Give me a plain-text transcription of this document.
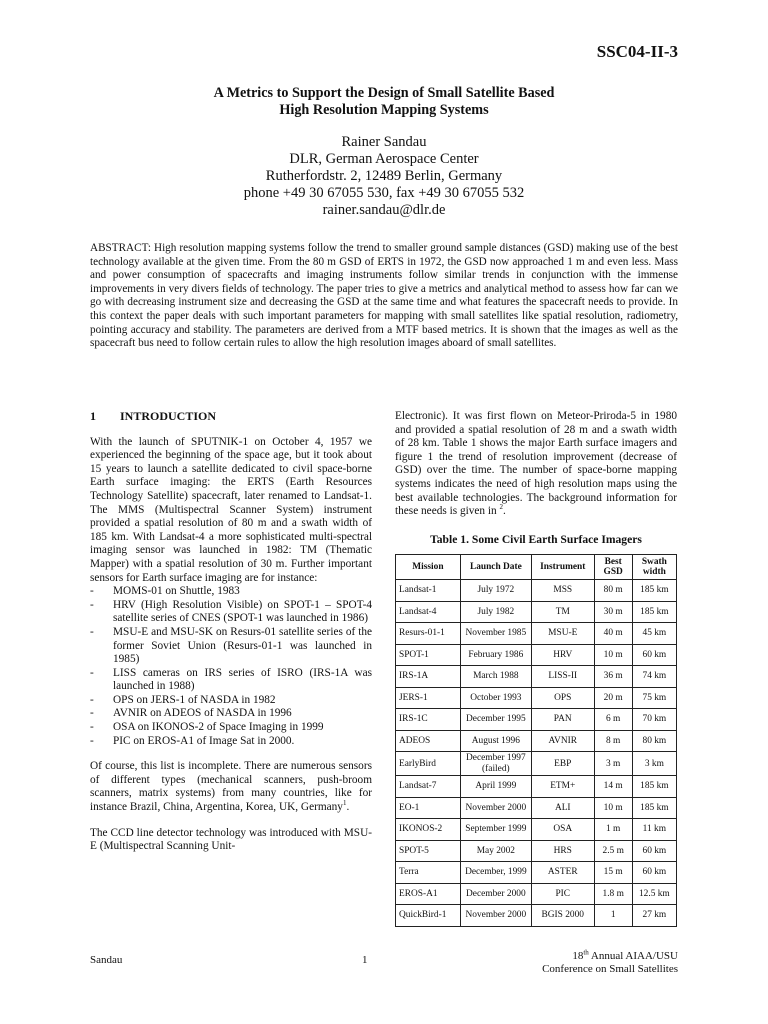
SSC04-II-3
A Metrics to Support the Design of Small Satellite Based
High Resolution Mapping Systems
Rainer Sandau
DLR, German Aerospace Center
Rutherfordstr. 2, 12489 Berlin, Germany
phone +49 30 67055 530, fax +49 30 67055 532
rainer.sandau@dlr.de

ABSTRACT: High resolution mapping systems follow the trend to smaller ground sample distances (GSD) making use of the best technology available at the given time. From the 80 m GSD of ERTS in 1972, the GSD now approached 1 m and even less. Mass and power consumption of spacecrafts and imaging instruments follow similar trends in conjunction with the immense improvements in very divers fields of technology. The paper tries to give a metrics and analytical method to assess how far can we go with decreasing instrument size and decreasing the GSD at the same time and what features the spacecraft needs to provide. In this context the paper deals with such important parameters for mapping with small satellites like spatial resolution, radiometry, pointing accuracy and stability. The parameters are derived from a MTF based metrics. It is shown that the images as well as the spacecraft bus need to follow certain rules to allow the high resolution images aboard of small satellites.

1 INTRODUCTION

With the launch of SPUTNIK-1 on October 4, 1957 we experienced the beginning of the space age, but it took about 15 years to launch a satellite dedicated to civil space-borne Earth surface imaging: the ERTS (Earth Resources Technology Satellite) spacecraft, later renamed to Landsat-1. The MMS (Multispectral Scanner System) instrument provided a spatial resolution of 80 m and a swath width of 185 km. With Landsat-4 a more sophisticated multi-spectral imaging sensor was launched in 1982: TM (Thematic Mapper) with a spatial resolution of 30 m. Further important sensors for Earth surface imaging are for instance:

- MOMS-01 on Shuttle, 1983
- HRV (High Resolution Visible) on SPOT-1 – SPOT-4 satellite series of CNES (SPOT-1 was launched in 1986)
- MSU-E and MSU-SK on Resurs-01 satellite series of the former Soviet Union (Resurs-01-1 was launched in 1985)
- LISS cameras on IRS series of ISRO (IRS-1A was launched in 1988)
- OPS on JERS-1 of NASDA in 1982
- AVNIR on ADEOS of NASDA in 1996
- OSA on IKONOS-2 of Space Imaging in 1999
- PIC on EROS-A1 of Image Sat in 2000.

Of course, this list is incomplete. There are numerous sensors of different types (mechanical scanners, push-broom scanners, matrix systems) from many countries, like for instance Brazil, China, Argentina, Korea, UK, Germany$^1$.

The CCD line detector technology was introduced with MSU-E (Multispectral Scanning Unit-

Electronic). It was first flown on Meteor-Priroda-5 in 1980 and provided a spatial resolution of 28 m and a swath width of 28 km. Table 1 shows the major Earth surface imagers and figure 1 the trend of resolution improvement (decrease of GSD) over the time. The number of space-borne mapping systems indicates the need of high resolution maps using the best available technologies. The background information for these needs is given in $^2$.

Table 1. Some Civil Earth Surface Imagers
Mission	Launch Date	Instrument	Best GSD	Swath width
Landsat-1	July 1972	MSS	80 m	185 km
Landsat-4	July 1982	TM	30 m	185 km
Resurs-01-1	November 1985	MSU-E	40 m	45 km
SPOT-1	February 1986	HRV	10 m	60 km
IRS-1A	March 1988	LISS-II	36 m	74 km
JERS-1	October 1993	OPS	20 m	75 km
IRS-1C	December 1995	PAN	6 m	70 km
ADEOS	August 1996	AVNIR	8 m	80 km
EarlyBird	December 1997 (failed)	EBP	3 m	3 km
Landsat-7	April 1999	ETM+	14 m	185 km
EO-1	November 2000	ALI	10 m	185 km
IKONOS-2	September 1999	OSA	1 m	11 km
SPOT-5	May 2002	HRS	2.5 m	60 km
Terra	December, 1999	ASTER	15 m	60 km
EROS-A1	December 2000	PIC	1.8 m	12.5 km
QuickBird-1	November 2000	BGIS 2000	1	27 km
Sandau	1	18th Annual AIAA/USU
Conference on Small Satellites
